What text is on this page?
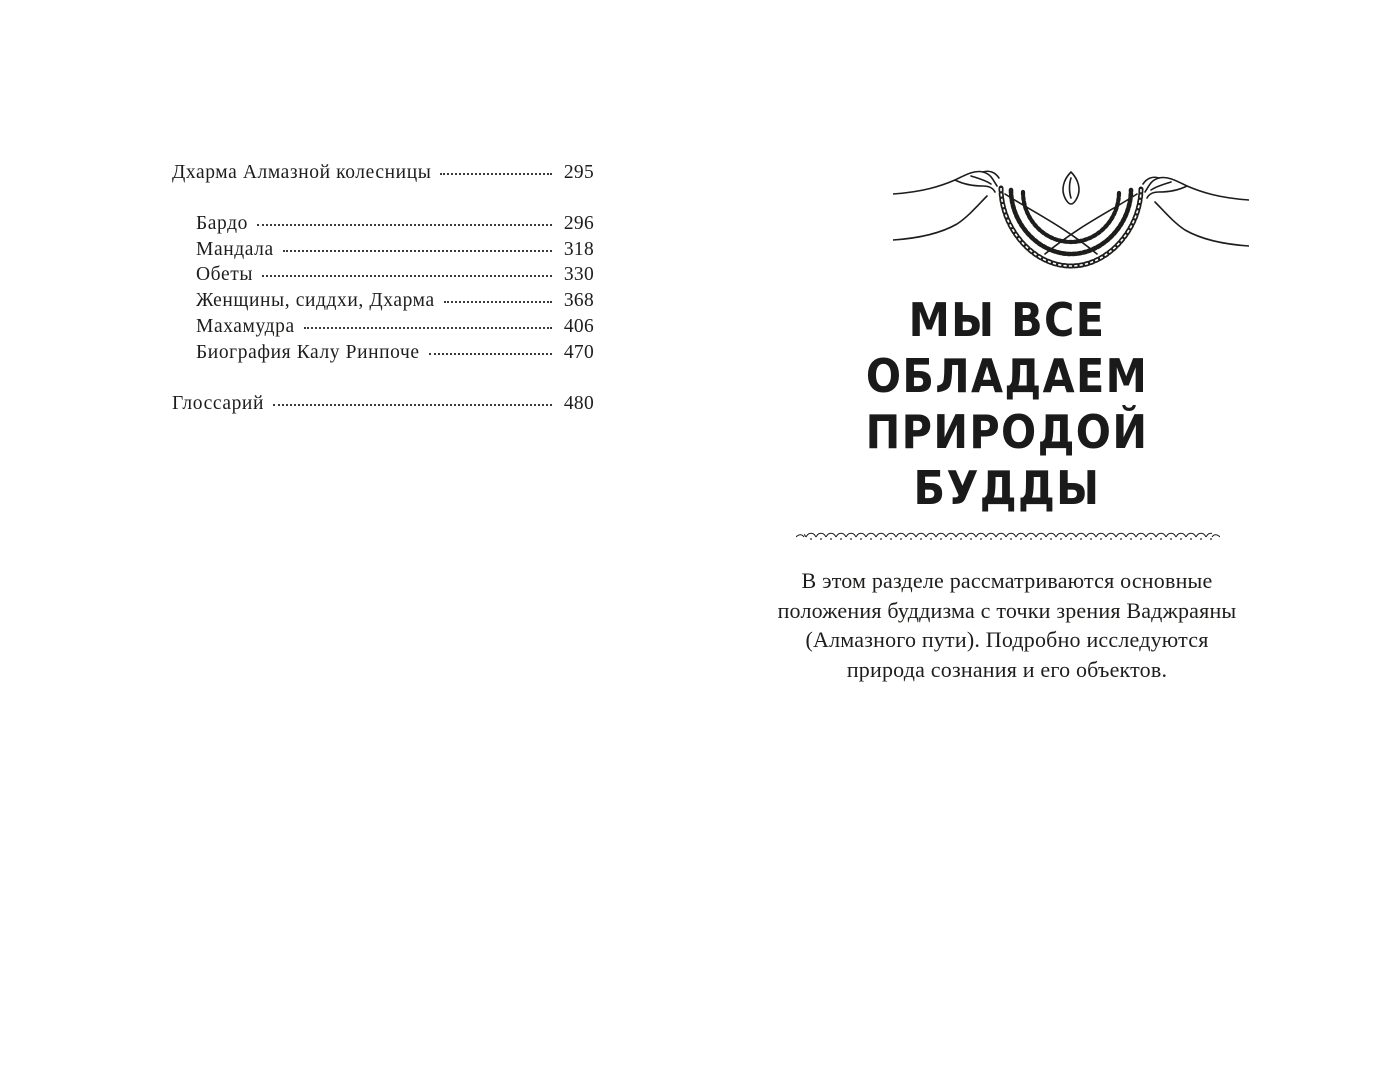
Дхарма Алмазной колесницы	295
Бардо	296
Мандала	318
Обеты	330
Женщины, сиддхи, Дхарма	368
Махамудра	406
Биография Калу Ринпоче	470
Глоссарий	480
МЫ ВСЕ
ОБЛАДАЕМ
ПРИРОДОЙ
БУДДЫ

В этом разделе рассматриваются основные положения буддизма с точки зрения Ваджраяны (Алмазного пути). Подробно исследуются природа сознания и его объектов.
